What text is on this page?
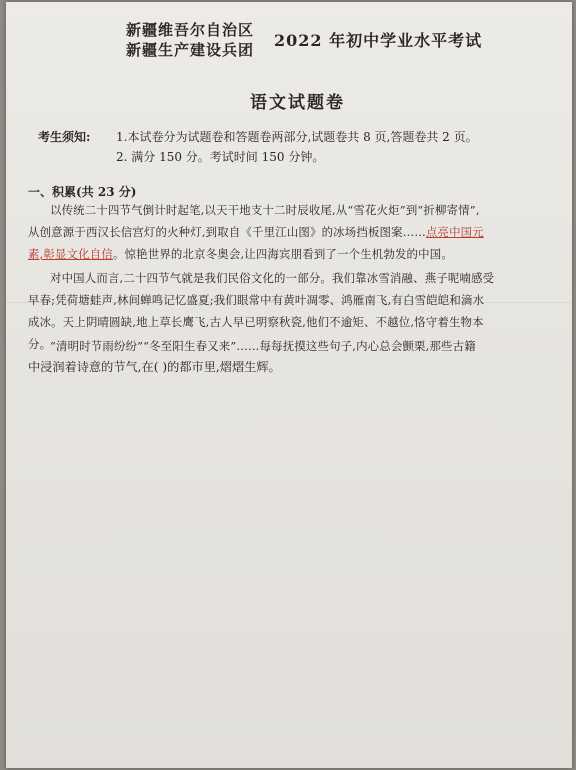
新疆维吾尔自治区
新疆生产建设兵团 2022 年初中学业水平考试
语文试题卷
考生须知: 1.本试卷分为试题卷和答题卷两部分,试题卷共 8 页,答题卷共 2 页。
2. 满分 150 分。考试时间 150 分钟。
一、积累(共 23 分)
以传统二十四节气倒计时起笔,以天干地支十二时辰收尾,从“雪花火炬”到“折柳寄情”,
从创意源于西汉长信宫灯的火种灯,到取自《千里江山图》的冰场挡板图案……点亮中国元
素,彰显文化自信。惊艳世界的北京冬奥会,让四海宾朋看到了一个生机勃发的中国。
对中国人而言,二十四节气就是我们民俗文化的一部分。我们靠冰雪消融、燕子呢喃感受
早春;凭荷塘蛙声,林间蝉鸣记忆盛夏;我们眼常中有黄叶凋零、鸿雁南飞,有白雪皑皑和滴水
成冰。天上阴晴圆缺,地上草长鹰飞,古人早已明察秋瓷,他们不逾矩、不越位,恪守着生物本
分。
“清明时节雨纷纷”“冬至阳生春又来”……每每抚摸这些句子,内心总会颤栗,那些古籍
中浸润着诗意的节气,在( )的都市里,熠熠生辉。
